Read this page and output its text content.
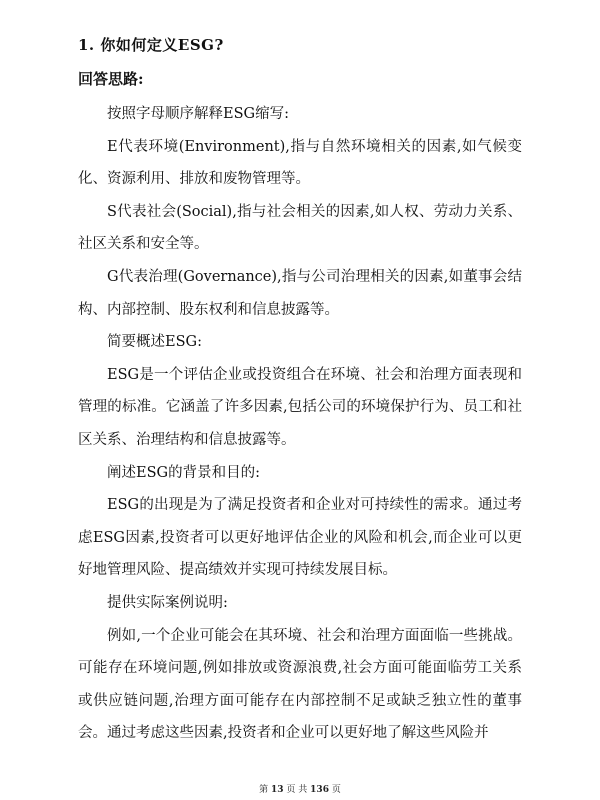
1. 你如何定义ESG?
回答思路:

按照字母顺序解释ESG缩写:

E代表环境(Environment),指与自然环境相关的因素,如气候变化、资源利用、排放和废物管理等。

S代表社会(Social),指与社会相关的因素,如人权、劳动力关系、社区关系和安全等。

G代表治理(Governance),指与公司治理相关的因素,如董事会结构、内部控制、股东权利和信息披露等。

简要概述ESG:

ESG是一个评估企业或投资组合在环境、社会和治理方面表现和管理的标准。它涵盖了许多因素,包括公司的环境保护行为、员工和社区关系、治理结构和信息披露等。

阐述ESG的背景和目的:

ESG的出现是为了满足投资者和企业对可持续性的需求。通过考虑ESG因素,投资者可以更好地评估企业的风险和机会,而企业可以更好地管理风险、提高绩效并实现可持续发展目标。

提供实际案例说明:

例如,一个企业可能会在其环境、社会和治理方面面临一些挑战。可能存在环境问题,例如排放或资源浪费,社会方面可能面临劳工关系或供应链问题,治理方面可能存在内部控制不足或缺乏独立性的董事会。通过考虑这些因素,投资者和企业可以更好地了解这些风险并

第 13 页 共 136 页
